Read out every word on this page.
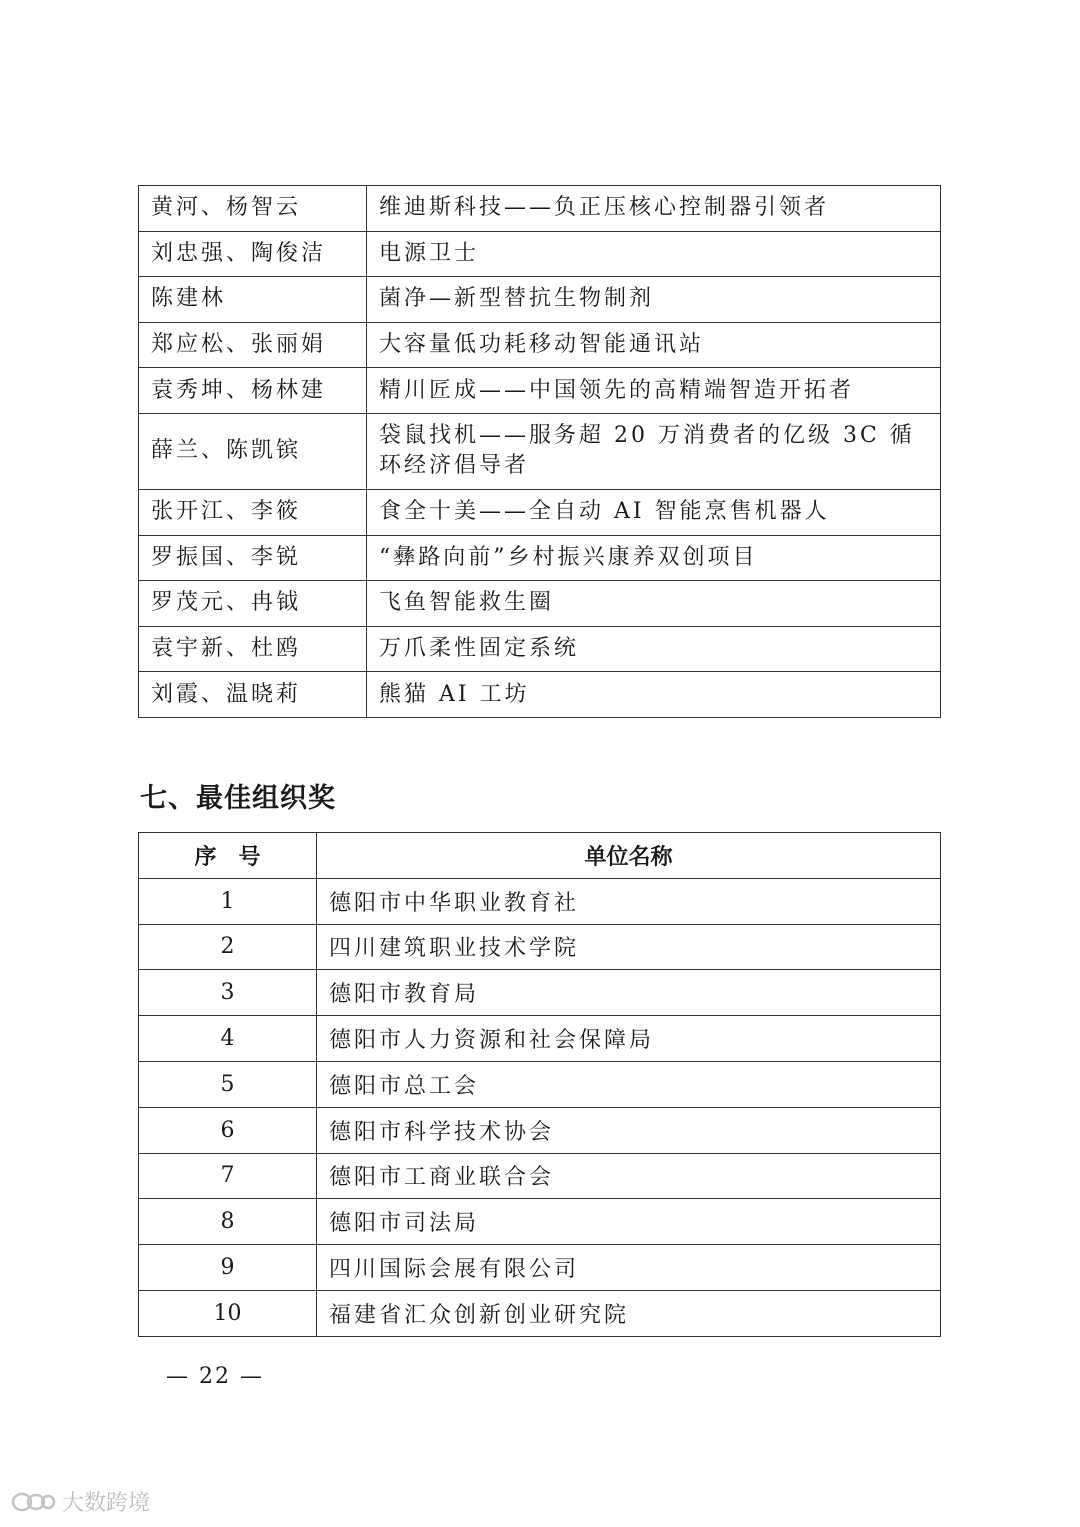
黄河、杨智云	维迪斯科技——负正压核心控制器引领者
刘忠强、陶俊洁	电源卫士
陈建林	菌净—新型替抗生物制剂
郑应松、张丽娟	大容量低功耗移动智能通讯站
袁秀坤、杨林建	精川匠成——中国领先的高精端智造开拓者
薛兰、陈凯镔	袋鼠找机——服务超 20 万消费者的亿级 3C 循环经济倡导者
张开江、李筱	食全十美——全自动 AI 智能烹售机器人
罗振国、李锐	“彝路向前”乡村振兴康养双创项目
罗茂元、冉钺	飞鱼智能救生圈
袁宇新、杜鸥	万爪柔性固定系统
刘霞、温晓莉	熊猫 AI 工坊
七、最佳组织奖
序　号	单位名称
1	德阳市中华职业教育社
2	四川建筑职业技术学院
3	德阳市教育局
4	德阳市人力资源和社会保障局
5	德阳市总工会
6	德阳市科学技术协会
7	德阳市工商业联合会
8	德阳市司法局
9	四川国际会展有限公司
10	福建省汇众创新创业研究院
— 22 —
大数跨境
